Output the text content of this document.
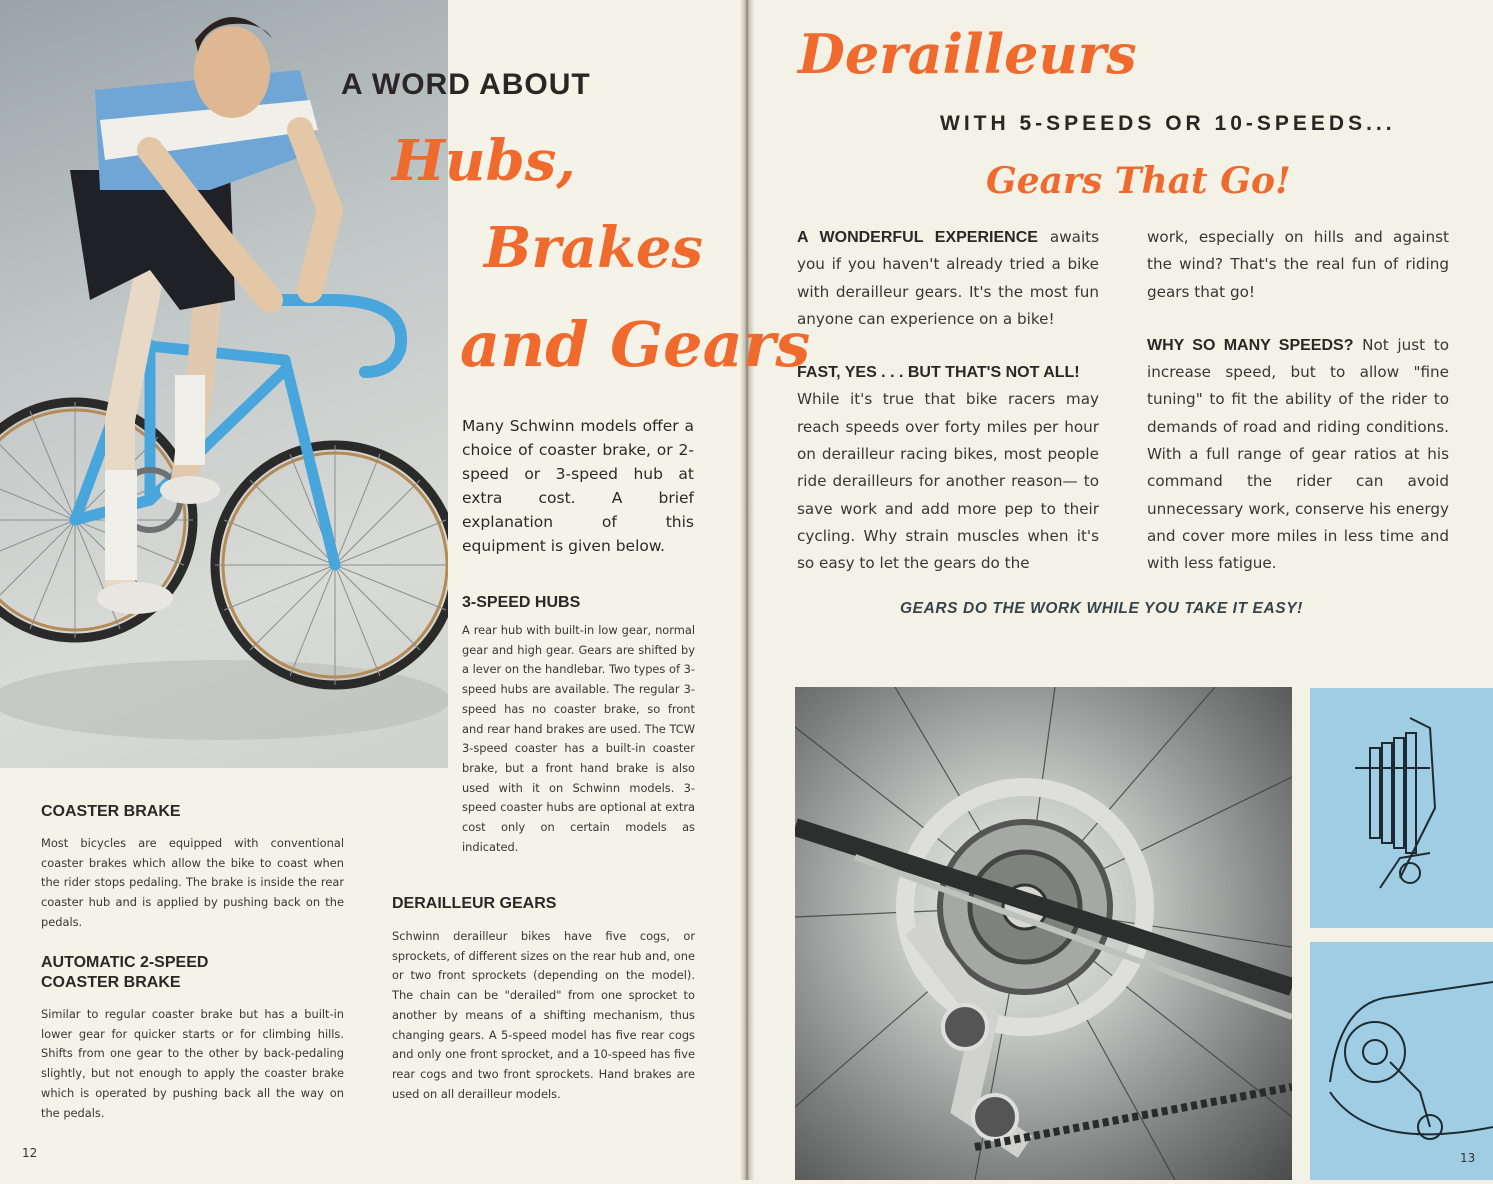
A WORD ABOUT
Hubs,
Brakes
and Gears
Many Schwinn models offer a choice of coaster brake, or 2-speed or 3-speed hub at extra cost. A brief explanation of this equipment is given below.
3-SPEED HUBS
A rear hub with built-in low gear, normal gear and high gear. Gears are shifted by a lever on the handlebar. Two types of 3-speed hubs are available. The regular 3-speed has no coaster brake, so front and rear hand brakes are used. The TCW 3-speed coaster has a built-in coaster brake, but a front hand brake is also used with it on Schwinn models. 3-speed coaster hubs are optional at extra cost only on certain models as indicated.
COASTER BRAKE
Most bicycles are equipped with conventional coaster brakes which allow the bike to coast when the rider stops pedaling. The brake is inside the rear coaster hub and is applied by pushing back on the pedals.
AUTOMATIC 2-SPEED
COASTER BRAKE
Similar to regular coaster brake but has a built-in lower gear for quicker starts or for climbing hills. Shifts from one gear to the other by back-pedaling slightly, but not enough to apply the coaster brake which is operated by pushing back all the way on the pedals.
DERAILLEUR GEARS
Schwinn derailleur bikes have five cogs, or sprockets, of different sizes on the rear hub and, one or two front sprockets (depending on the model). The chain can be "derailed" from one sprocket to another by means of a shifting mechanism, thus changing gears. A 5-speed model has five rear cogs and only one front sprocket, and a 10-speed has five rear cogs and two front sprockets. Hand brakes are used on all derailleur models.
12
Derailleurs
WITH 5-SPEEDS OR 10-SPEEDS...
Gears That Go!
A WONDERFUL EXPERIENCE awaits you if you haven't already tried a bike with derailleur gears. It's the most fun anyone can experience on a bike!
FAST, YES . . . BUT THAT'S NOT ALL!
While it's true that bike racers may reach speeds over forty miles per hour on derailleur racing bikes, most people ride derailleurs for another reason— to save work and add more pep to their cycling. Why strain muscles when it's so easy to let the gears do the
work, especially on hills and against the wind? That's the real fun of riding gears that go!
WHY SO MANY SPEEDS? Not just to increase speed, but to allow "fine tuning" to fit the ability of the rider to demands of road and riding conditions. With a full range of gear ratios at his command the rider can avoid unnecessary work, conserve his energy and cover more miles in less time and with less fatigue.
GEARS DO THE WORK WHILE YOU TAKE IT EASY!
13
